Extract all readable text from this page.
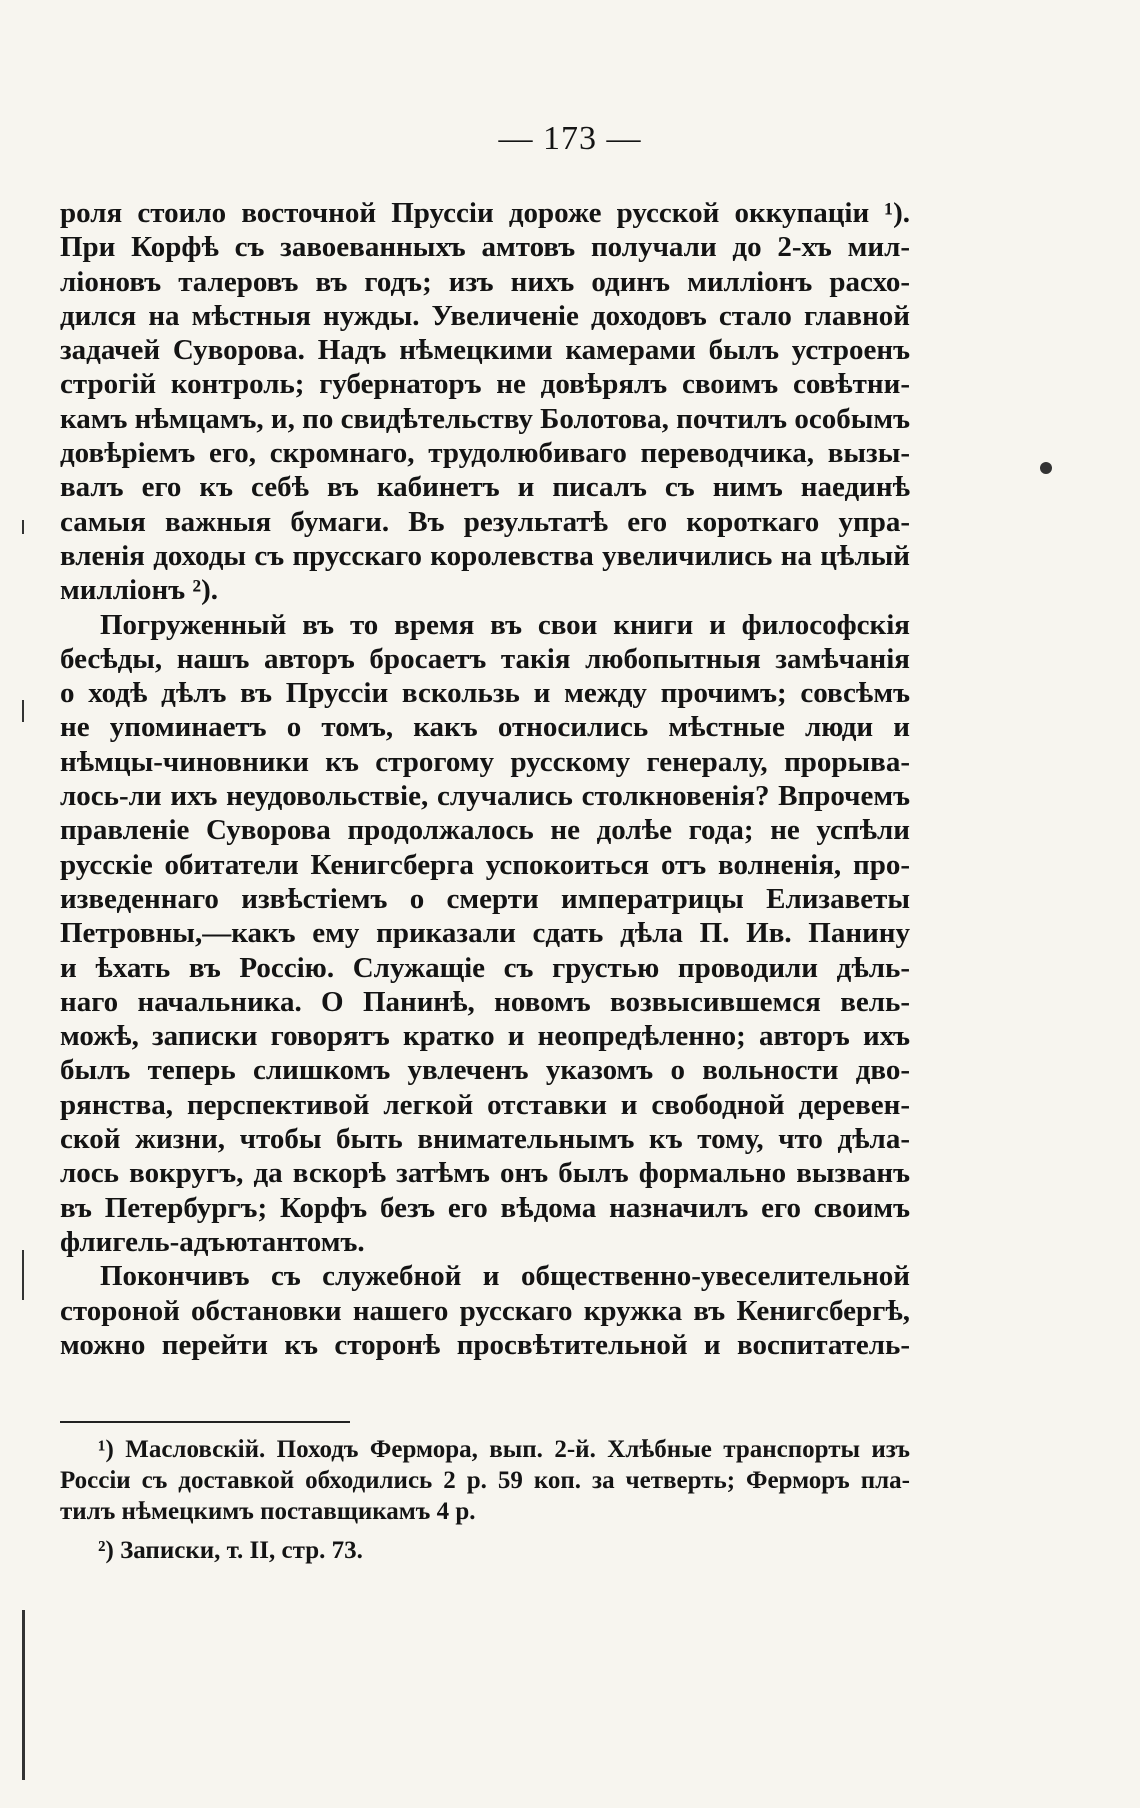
— 173 —
роля стоило восточной Пруссіи дороже русской оккупаціи ¹).
При Корфѣ съ завоеванныхъ амтовъ получали до 2-хъ мил-
ліоновъ талеровъ въ годъ; изъ нихъ одинъ милліонъ расхо-
дился на мѣстныя нужды. Увеличеніе доходовъ стало главной
задачей Суворова. Надъ нѣмецкими камерами былъ устроенъ
строгій контроль; губернаторъ не довѣрялъ своимъ совѣтни-
камъ нѣмцамъ, и, по свидѣтельству Болотова, почтилъ особымъ
довѣріемъ его, скромнаго, трудолюбиваго переводчика, вызы-
валъ его къ себѣ въ кабинетъ и писалъ съ нимъ наединѣ
самыя важныя бумаги. Въ результатѣ его короткаго упра-
вленія доходы съ прусскаго королевства увеличились на цѣлый
милліонъ ²).
Погруженный въ то время въ свои книги и философскія
бесѣды, нашъ авторъ бросаетъ такія любопытныя замѣчанія
о ходѣ дѣлъ въ Пруссіи вскользь и между прочимъ; совсѣмъ
не упоминаетъ о томъ, какъ относились мѣстные люди и
нѣмцы-чиновники къ строгому русскому генералу, прорыва-
лось-ли ихъ неудовольствіе, случались столкновенія? Впрочемъ
правленіе Суворова продолжалось не долѣе года; не успѣли
русскіе обитатели Кенигсберга успокоиться отъ волненія, про-
изведеннаго извѣстіемъ о смерти императрицы Елизаветы
Петровны,—какъ ему приказали сдать дѣла П. Ив. Панину
и ѣхать въ Россію. Служащіе съ грустью проводили дѣль-
наго начальника. О Панинѣ, новомъ возвысившемся вель-
можѣ, записки говорятъ кратко и неопредѣленно; авторъ ихъ
былъ теперь слишкомъ увлеченъ указомъ о вольности дво-
рянства, перспективой легкой отставки и свободной деревен-
ской жизни, чтобы быть внимательнымъ къ тому, что дѣла-
лось вокругъ, да вскорѣ затѣмъ онъ былъ формально вызванъ
въ Петербургъ; Корфъ безъ его вѣдома назначилъ его своимъ
флигель-адъютантомъ.
Покончивъ съ служебной и общественно-увеселительной
стороной обстановки нашего русскаго кружка въ Кенигсбергѣ,
можно перейти къ сторонѣ просвѣтительной и воспитатель-
¹) Масловскій. Походъ Фермора, вып. 2-й. Хлѣбные транспорты изъ
Россіи съ доставкой обходились 2 р. 59 коп. за четверть; Ферморъ пла-
тилъ нѣмецкимъ поставщикамъ 4 р.
²) Записки, т. II, стр. 73.
